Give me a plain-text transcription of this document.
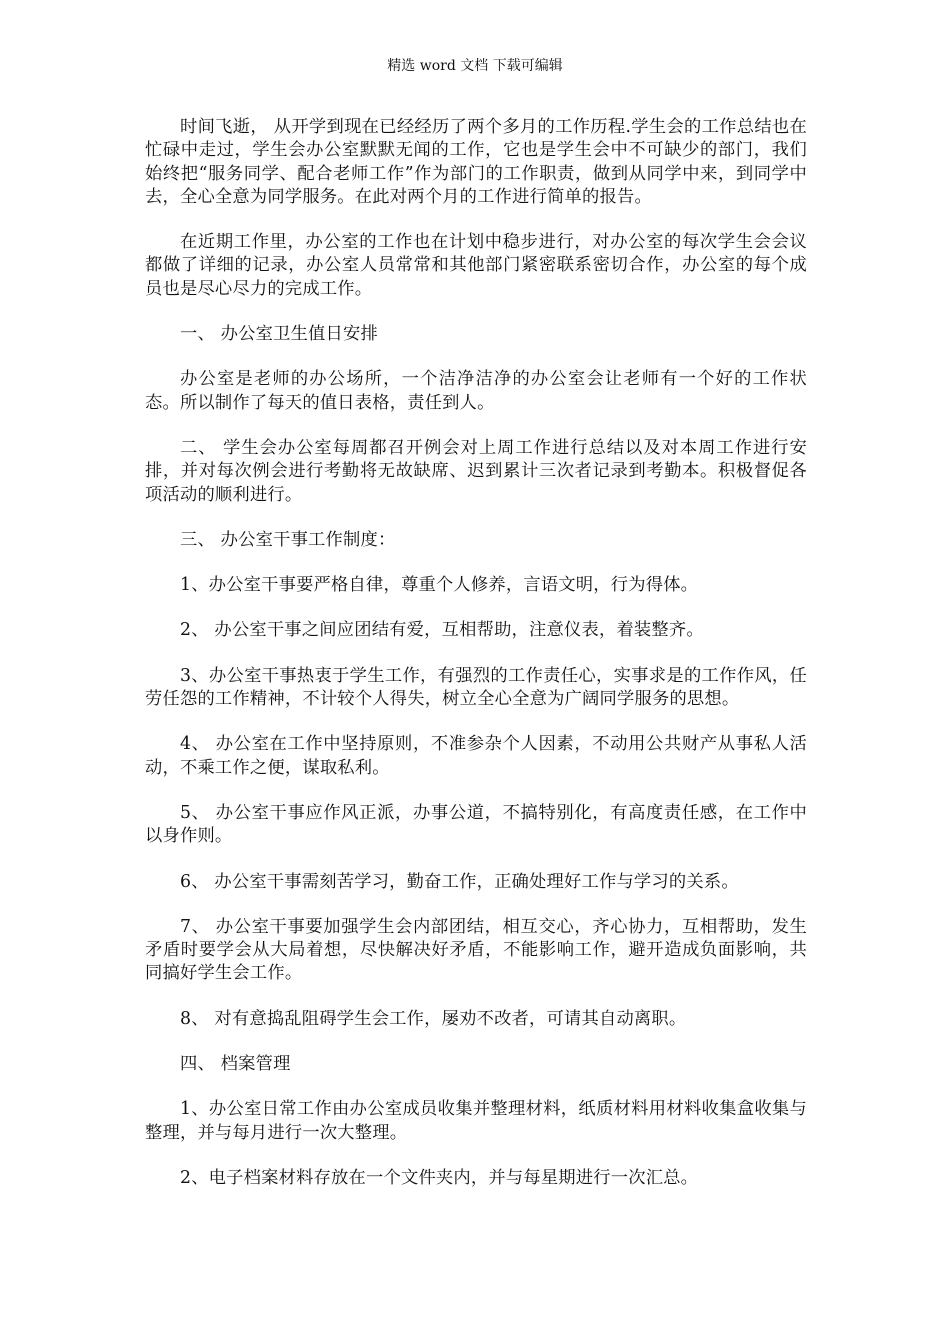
精选 word 文档 下载可编辑

时间飞逝， 从开学到现在已经经历了两个多月的工作历程.学生会的工作总结也在忙碌中走过，学生会办公室默默无闻的工作，它也是学生会中不可缺少的部门，我们始终把“服务同学、配合老师工作”作为部门的工作职责，做到从同学中来，到同学中去，全心全意为同学服务。在此对两个月的工作进行简单的报告。

在近期工作里，办公室的工作也在计划中稳步进行，对办公室的每次学生会会议都做了详细的记录，办公室人员常常和其他部门紧密联系密切合作，办公室的每个成员也是尽心尽力的完成工作。

一、 办公室卫生值日安排

办公室是老师的办公场所，一个洁净洁净的办公室会让老师有一个好的工作状态。所以制作了每天的值日表格，责任到人。

二、 学生会办公室每周都召开例会对上周工作进行总结以及对本周工作进行安排，并对每次例会进行考勤将无故缺席、迟到累计三次者记录到考勤本。积极督促各项活动的顺利进行。

三、 办公室干事工作制度：

1、办公室干事要严格自律，尊重个人修养，言语文明，行为得体。

2、 办公室干事之间应团结有爱，互相帮助，注意仪表，着装整齐。

3、办公室干事热衷于学生工作，有强烈的工作责任心，实事求是的工作作风，任劳任怨的工作精神，不计较个人得失，树立全心全意为广阔同学服务的思想。

4、 办公室在工作中坚持原则，不准参杂个人因素，不动用公共财产从事私人活动，不乘工作之便，谋取私利。

5、 办公室干事应作风正派，办事公道，不搞特别化，有高度责任感，在工作中以身作则。

6、 办公室干事需刻苦学习，勤奋工作，正确处理好工作与学习的关系。

7、 办公室干事要加强学生会内部团结，相互交心，齐心协力，互相帮助，发生矛盾时要学会从大局着想，尽快解决好矛盾，不能影响工作，避开造成负面影响，共同搞好学生会工作。

8、 对有意捣乱阻碍学生会工作，屡劝不改者，可请其自动离职。

四、 档案管理

1、办公室日常工作由办公室成员收集并整理材料，纸质材料用材料收集盒收集与整理，并与每月进行一次大整理。

2、电子档案材料存放在一个文件夹内，并与每星期进行一次汇总。
